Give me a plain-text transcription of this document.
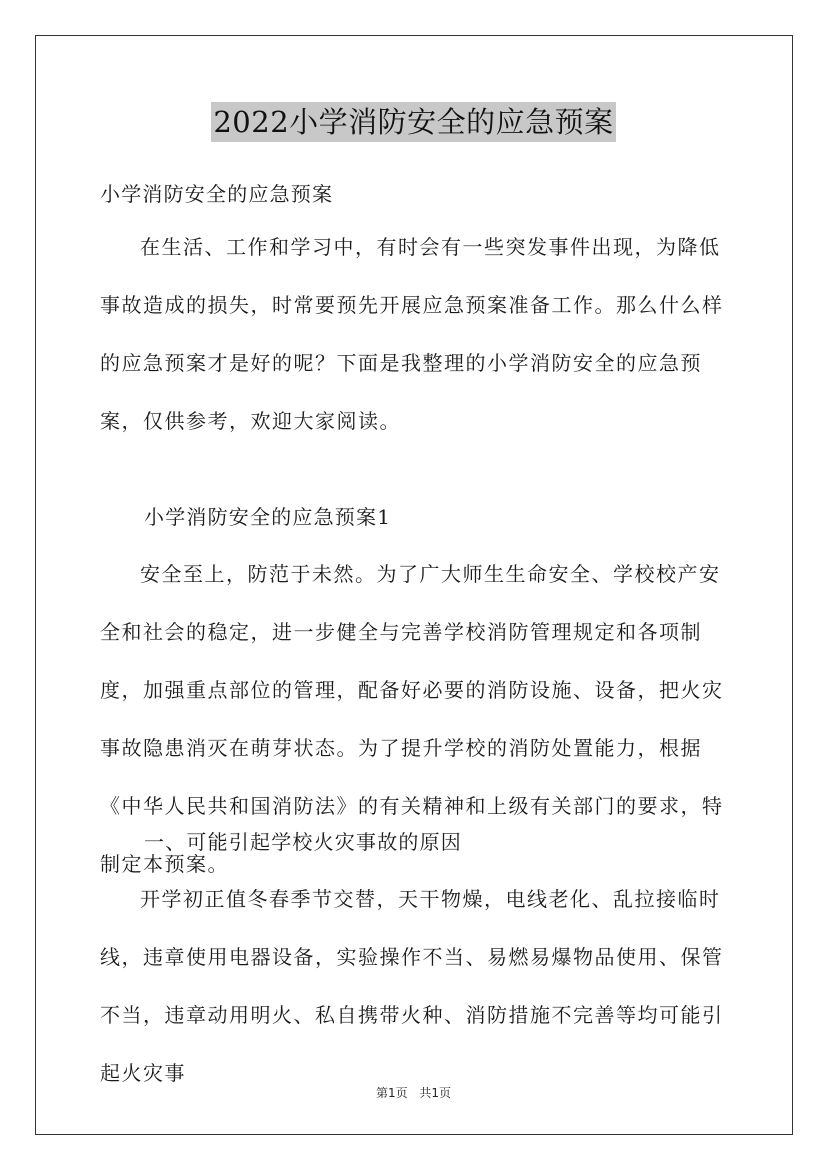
2022小学消防安全的应急预案
小学消防安全的应急预案
在生活、工作和学习中，有时会有一些突发事件出现，为降低事故造成的损失，时常要预先开展应急预案准备工作。那么什么样的应急预案才是好的呢？下面是我整理的小学消防安全的应急预案，仅供参考，欢迎大家阅读。
小学消防安全的应急预案1
安全至上，防范于未然。为了广大师生生命安全、学校校产安全和社会的稳定，进一步健全与完善学校消防管理规定和各项制度，加强重点部位的管理，配备好必要的消防设施、设备，把火灾事故隐患消灭在萌芽状态。为了提升学校的消防处置能力，根据《中华人民共和国消防法》的有关精神和上级有关部门的要求，特制定本预案。
一、可能引起学校火灾事故的原因
开学初正值冬春季节交替，天干物燥，电线老化、乱拉接临时线，违章使用电器设备，实验操作不当、易燃易爆物品使用、保管不当，违章动用明火、私自携带火种、消防措施不完善等均可能引起火灾事
第1页 共1页
